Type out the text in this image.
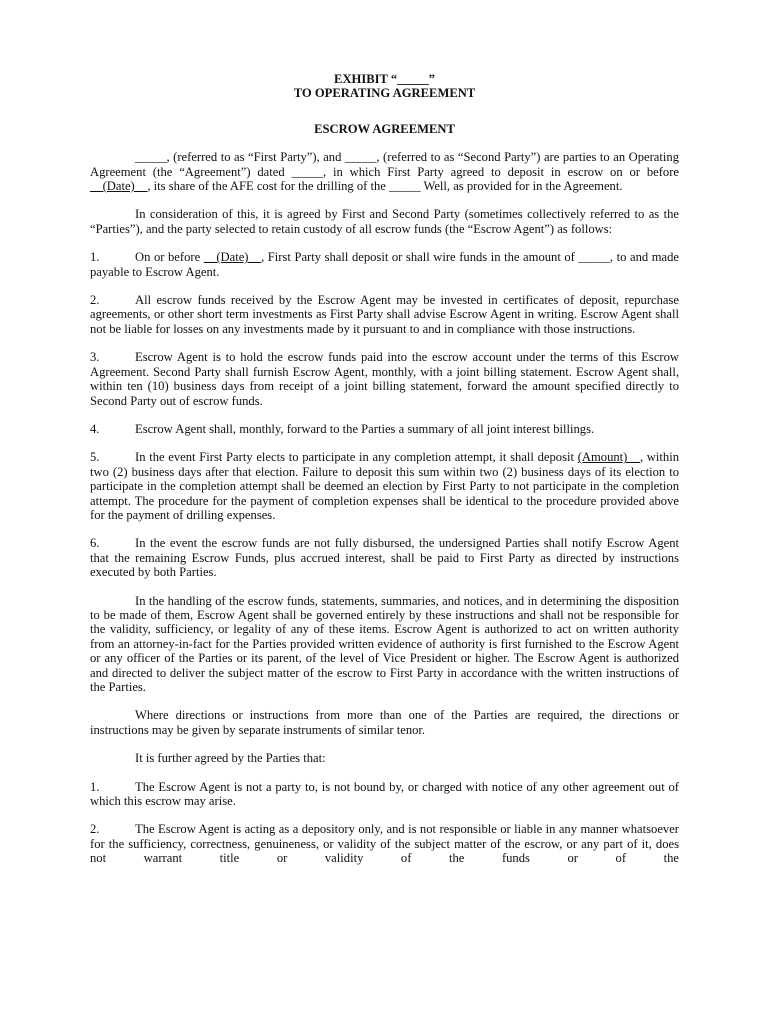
EXHIBIT “_____”

TO OPERATING AGREEMENT

ESCROW AGREEMENT

_____, (referred to as “First Party”), and _____, (referred to as “Second Party”) are parties to an Operating Agreement (the “Agreement”) dated _____, in which First Party agreed to deposit in escrow on or before __(Date)__, its share of the AFE cost for the drilling of the _____ Well, as provided for in the Agreement.

In consideration of this, it is agreed by First and Second Party (sometimes collectively referred to as the “Parties”), and the party selected to retain custody of all escrow funds (the “Escrow Agent”) as follows:

1.	On or before __(Date)__, First Party shall deposit or shall wire funds in the amount of _____, to and made payable to Escrow Agent.

2.	All escrow funds received by the Escrow Agent may be invested in certificates of deposit, repurchase agreements, or other short term investments as First Party shall advise Escrow Agent in writing. Escrow Agent shall not be liable for losses on any investments made by it pursuant to and in compliance with those instructions.

3.	Escrow Agent is to hold the escrow funds paid into the escrow account under the terms of this Escrow Agreement. Second Party shall furnish Escrow Agent, monthly, with a joint billing statement. Escrow Agent shall, within ten (10) business days from receipt of a joint billing statement, forward the amount specified directly to Second Party out of escrow funds.

4.	Escrow Agent shall, monthly, forward to the Parties a summary of all joint interest billings.

5.	In the event First Party elects to participate in any completion attempt, it shall deposit (Amount)__, within two (2) business days after that election. Failure to deposit this sum within two (2) business days of its election to participate in the completion attempt shall be deemed an election by First Party to not participate in the completion attempt. The procedure for the payment of completion expenses shall be identical to the procedure provided above for the payment of drilling expenses.

6.	In the event the escrow funds are not fully disbursed, the undersigned Parties shall notify Escrow Agent that the remaining Escrow Funds, plus accrued interest, shall be paid to First Party as directed by instructions executed by both Parties.

In the handling of the escrow funds, statements, summaries, and notices, and in determining the disposition to be made of them, Escrow Agent shall be governed entirely by these instructions and shall not be responsible for the validity, sufficiency, or legality of any of these items. Escrow Agent is authorized to act on written authority from an attorney-in-fact for the Parties provided written evidence of authority is first furnished to the Escrow Agent or any officer of the Parties or its parent, of the level of Vice President or higher. The Escrow Agent is authorized and directed to deliver the subject matter of the escrow to First Party in accordance with the written instructions of the Parties.

Where directions or instructions from more than one of the Parties are required, the directions or instructions may be given by separate instruments of similar tenor.

It is further agreed by the Parties that:

1.	The Escrow Agent is not a party to, is not bound by, or charged with notice of any other agreement out of which this escrow may arise.

2.	The Escrow Agent is acting as a depository only, and is not responsible or liable in any manner whatsoever for the sufficiency, correctness, genuineness, or validity of the subject matter of the escrow, or any part of it, does not warrant title or validity of the funds or of the
